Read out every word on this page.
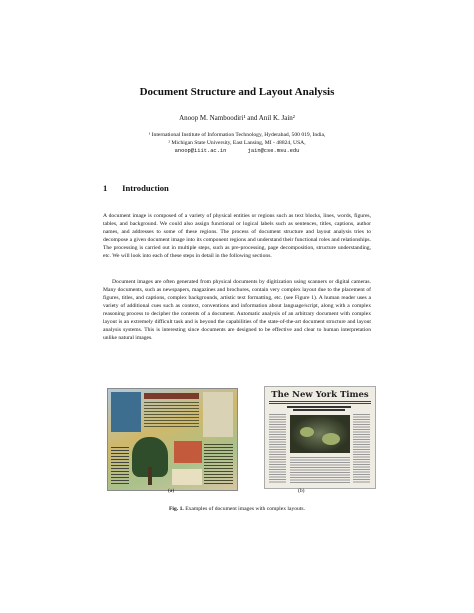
Document Structure and Layout Analysis
Anoop M. Namboodiri¹ and Anil K. Jain²
¹ International Institute of Information Technology, Hyderabad, 500 019, India,
² Michigan State University, East Lansing, MI - 48824, USA,
anoop@iiit.ac.in	jain@cse.msu.edu
1 Introduction

A document image is composed of a variety of physical entities or regions such as text blocks, lines, words, figures, tables, and background. We could also assign functional or logical labels such as sentences, titles, captions, author names, and addresses to some of these regions. The process of document structure and layout analysis tries to decompose a given document image into its component regions and understand their functional roles and relationships. The processing is carried out in multiple steps, such as pre-processing, page decomposition, structure understanding, etc. We will look into each of these steps in detail in the following sections.

Document images are often generated from physical documents by digitization using scanners or digital cameras. Many documents, such as newspapers, magazines and brochures, contain very complex layout due to the placement of figures, titles, and captions, complex backgrounds, artistic text formatting, etc. (see Figure 1). A human reader uses a variety of additional cues such as context, conventions and information about language/script, along with a complex reasoning process to decipher the contents of a document. Automatic analysis of an arbitrary document with complex layout is an extremely difficult task and is beyond the capabilities of the state-of-the-art document structure and layout analysis systems. This is interesting since documents are designed to be effective and clear to human interpretation unlike natural images.

The New York Times
(a)	(b)
Fig. 1. Examples of document images with complex layouts.
